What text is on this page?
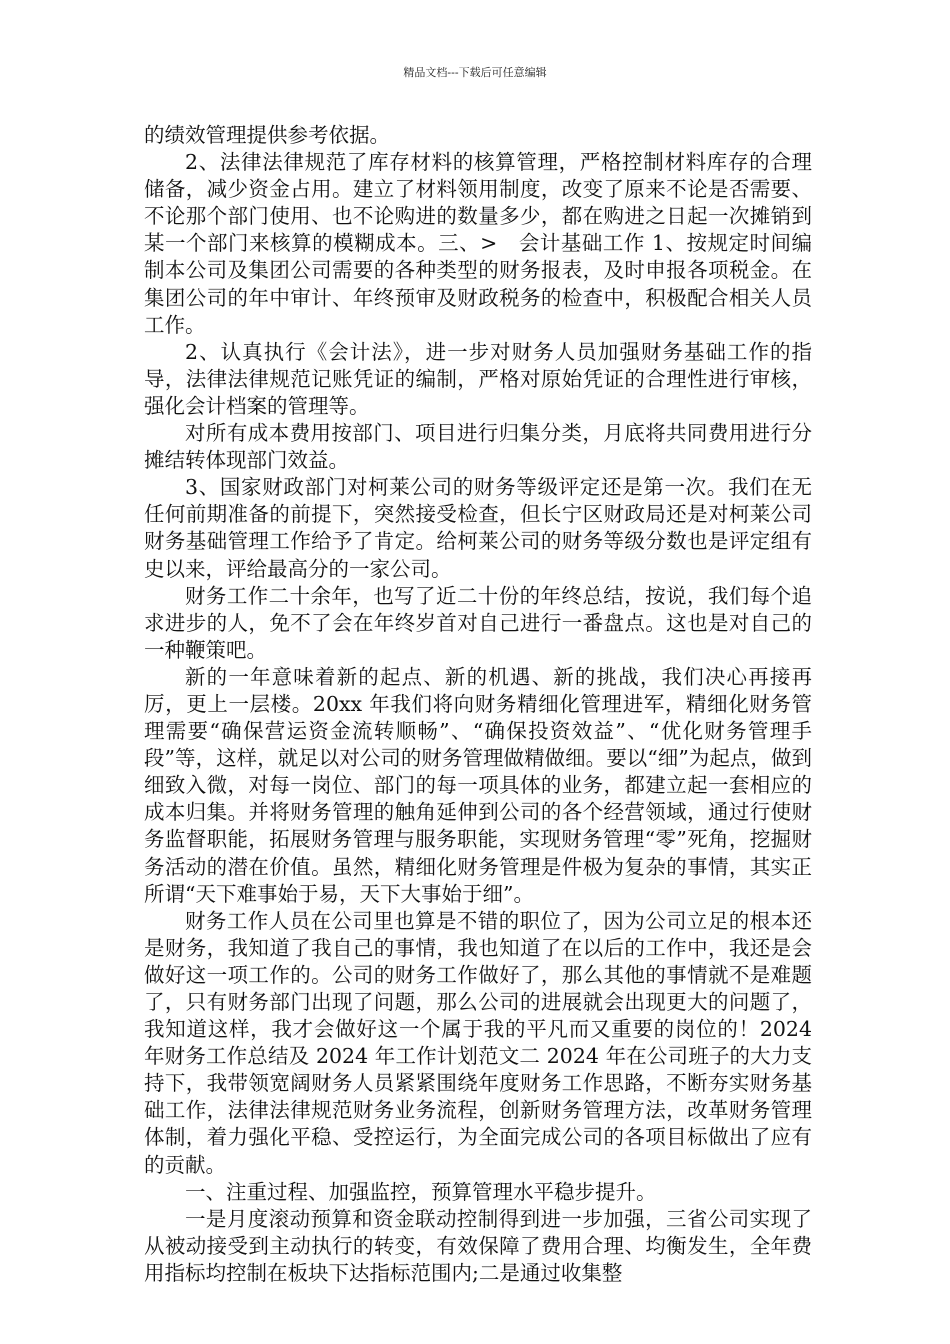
精品文档---下载后可任意编辑

的绩效管理提供参考依据。

2、法律法律规范了库存材料的核算管理，严格控制材料库存的合理储备，减少资金占用。建立了材料领用制度，改变了原来不论是否需要、不论那个部门使用、也不论购进的数量多少，都在购进之日起一次摊销到某一个部门来核算的模糊成本。三、>　会计基础工作 1、按规定时间编制本公司及集团公司需要的各种类型的财务报表，及时申报各项税金。在集团公司的年中审计、年终预审及财政税务的检查中，积极配合相关人员工作。

2、认真执行《会计法》，进一步对财务人员加强财务基础工作的指导，法律法律规范记账凭证的编制，严格对原始凭证的合理性进行审核，强化会计档案的管理等。

对所有成本费用按部门、项目进行归集分类，月底将共同费用进行分摊结转体现部门效益。

3、国家财政部门对柯莱公司的财务等级评定还是第一次。我们在无任何前期准备的前提下，突然接受检查，但长宁区财政局还是对柯莱公司财务基础管理工作给予了肯定。给柯莱公司的财务等级分数也是评定组有史以来，评给最高分的一家公司。

财务工作二十余年，也写了近二十份的年终总结，按说，我们每个追求进步的人，免不了会在年终岁首对自己进行一番盘点。这也是对自己的一种鞭策吧。

新的一年意味着新的起点、新的机遇、新的挑战，我们决心再接再厉，更上一层楼。20xx 年我们将向财务精细化管理进军，精细化财务管理需要“确保营运资金流转顺畅”、“确保投资效益”、“优化财务管理手段”等，这样，就足以对公司的财务管理做精做细。要以“细”为起点，做到细致入微，对每一岗位、部门的每一项具体的业务，都建立起一套相应的成本归集。并将财务管理的触角延伸到公司的各个经营领域，通过行使财务监督职能，拓展财务管理与服务职能，实现财务管理“零”死角，挖掘财务活动的潜在价值。虽然，精细化财务管理是件极为复杂的事情，其实正所谓“天下难事始于易，天下大事始于细”。

财务工作人员在公司里也算是不错的职位了，因为公司立足的根本还是财务，我知道了我自己的事情，我也知道了在以后的工作中，我还是会做好这一项工作的。公司的财务工作做好了，那么其他的事情就不是难题了，只有财务部门出现了问题，那么公司的进展就会出现更大的问题了，我知道这样，我才会做好这一个属于我的平凡而又重要的岗位的！2024 年财务工作总结及 2024 年工作计划范文二 2024 年在公司班子的大力支持下，我带领宽阔财务人员紧紧围绕年度财务工作思路，不断夯实财务基础工作，法律法律规范财务业务流程，创新财务管理方法，改革财务管理体制，着力强化平稳、受控运行，为全面完成公司的各项目标做出了应有的贡献。

一、注重过程、加强监控，预算管理水平稳步提升。

一是月度滚动预算和资金联动控制得到进一步加强，三省公司实现了从被动接受到主动执行的转变，有效保障了费用合理、均衡发生，全年费用指标均控制在板块下达指标范围内;二是通过收集整
